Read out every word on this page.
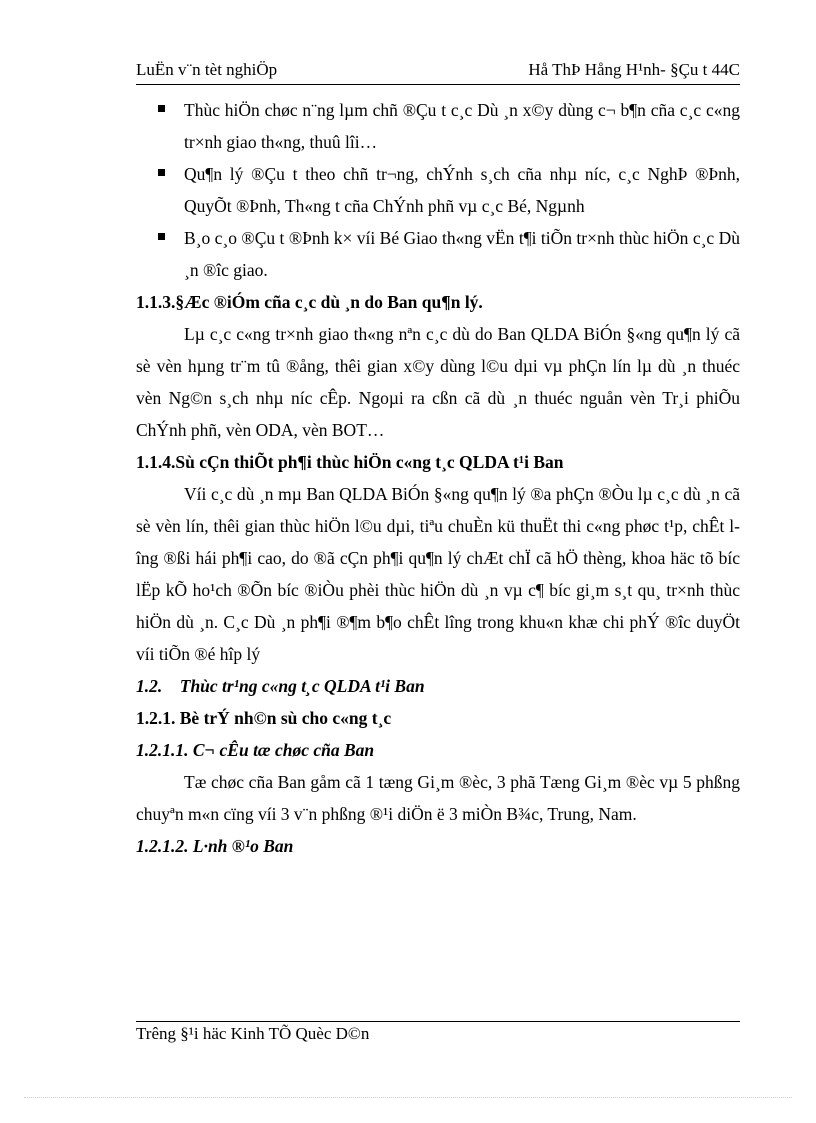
LuËn v¨n tèt nghiÖp	Hå ThÞ Hång H¹nh- §Çu t 44C
Thùc hiÖn chøc n¨ng lµm chñ ®Çu t c¸c Dù ¸n x©y dùng c¬ b¶n cña c¸c c«ng tr×nh giao th«ng, thuû lîi…
Qu¶n lý ®Çu t theo chñ tr¬ng, chÝnh s¸ch cña nhµ níc, c¸c NghÞ ®Þnh, QuyÕt ®Þnh, Th«ng t cña ChÝnh phñ vµ c¸c Bé, Ngµnh
B¸o c¸o ®Çu t ®Þnh k× víi Bé Giao th«ng vËn t¶i tiÕn tr×nh thùc hiÖn c¸c Dù ¸n ®îc giao.
1.1.3.§Æc ®iÓm cña c¸c dù ¸n do Ban qu¶n lý.
Lµ c¸c c«ng tr×nh giao th«ng nªn c¸c dù do Ban QLDA BiÓn §«ng qu¶n lý cã sè vèn hµng tr¨m tû ®ång, thêi gian x©y dùng l©u dµi vµ phÇn lín lµ dù ¸n thuéc vèn Ng©n s¸ch nhµ níc cÊp. Ngoµi ra cßn cã dù ¸n thuéc nguån vèn Tr¸i phiÕu ChÝnh phñ, vèn ODA, vèn BOT…
1.1.4.Sù cÇn thiÕt ph¶i thùc hiÖn c«ng t¸c QLDA t¹i Ban
Víi c¸c dù ¸n mµ Ban QLDA BiÓn §«ng qu¶n lý ®a phÇn ®Òu lµ c¸c dù ¸n cã sè vèn lín, thêi gian thùc hiÖn l©u dµi, tiªu chuÈn kü thuËt thi c«ng phøc t¹p, chÊt lîng ®ßi hái ph¶i cao, do ®ã cÇn ph¶i qu¶n lý chÆt chÏ cã hÖ thèng, khoa häc tõ bíc lËp kÕ ho¹ch ®Õn bíc ®iÒu phèi thùc hiÖn dù ¸n vµ c¶ bíc gi¸m s¸t qu¸ tr×nh thùc hiÖn dù ¸n. C¸c Dù ¸n ph¶i ®¶m b¶o chÊt lîng trong khu«n khæ chi phÝ ®îc duyÖt víi tiÕn ®é hîp lý
1.2.    Thùc tr¹ng c«ng t¸c QLDA t¹i Ban
1.2.1. Bè trÝ nh©n sù cho c«ng t¸c
1.2.1.1. C¬ cÊu tæ chøc cña Ban
Tæ chøc cña Ban gåm cã 1 tæng Gi¸m ®èc, 3 phã Tæng Gi¸m ®èc vµ 5 phßng chuyªn m«n cïng víi 3 v¨n phßng ®¹i diÖn ë 3 miÒn B¾c, Trung, Nam.
1.2.1.2. L·nh ®¹o Ban
Trêng §¹i häc Kinh TÕ Quèc D©n
